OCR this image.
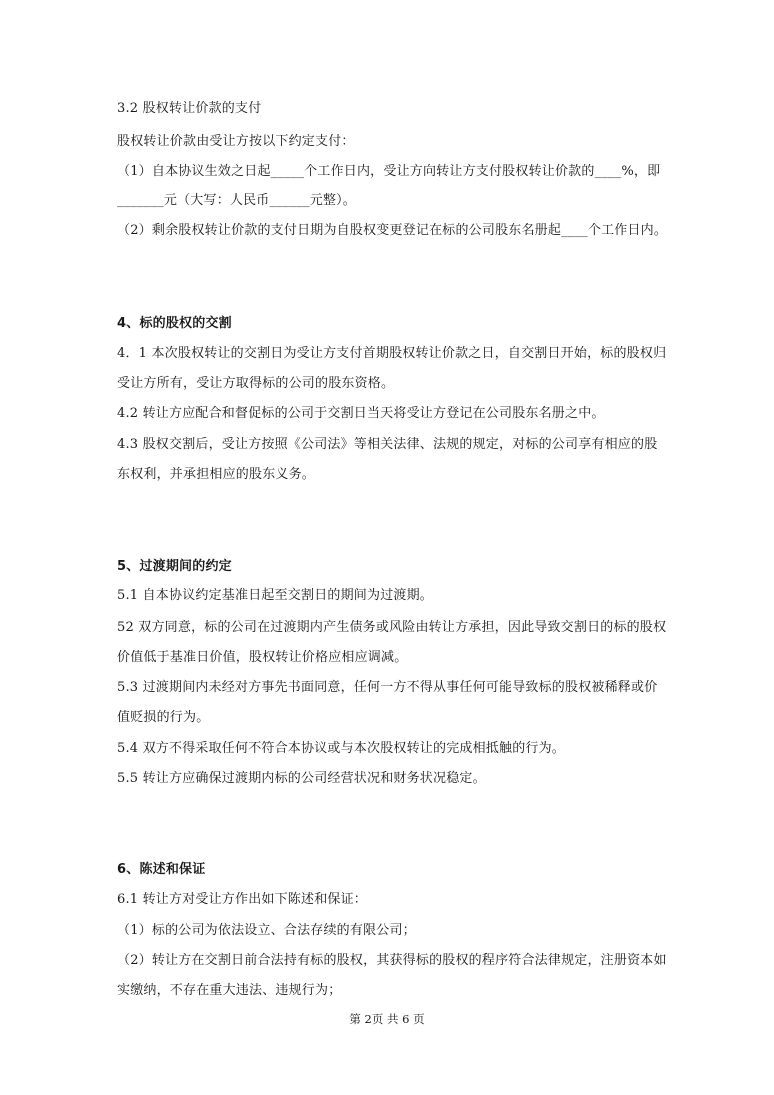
3.2 股权转让价款的支付
股权转让价款由受让方按以下约定支付：
（1）自本协议生效之日起_____个工作日内，受让方向转让方支付股权转让价款的____%，即
_______元（大写：人民币______元整）。
（2）剩余股权转让价款的支付日期为自股权变更登记在标的公司股东名册起____个工作日内。
4、标的股权的交割
4．1 本次股权转让的交割日为受让方支付首期股权转让价款之日，自交割日开始，标的股权归
受让方所有，受让方取得标的公司的股东资格。
4.2 转让方应配合和督促标的公司于交割日当天将受让方登记在公司股东名册之中。
4.3 股权交割后，受让方按照《公司法》等相关法律、法规的规定，对标的公司享有相应的股
东权利，并承担相应的股东义务。
5、过渡期间的约定
5.1 自本协议约定基准日起至交割日的期间为过渡期。
52 双方同意，标的公司在过渡期内产生债务或风险由转让方承担，因此导致交割日的标的股权
价值低于基准日价值，股权转让价格应相应调减。
5.3 过渡期间内未经对方事先书面同意，任何一方不得从事任何可能导致标的股权被稀释或价
值贬损的行为。
5.4 双方不得采取任何不符合本协议或与本次股权转让的完成相抵触的行为。
5.5 转让方应确保过渡期内标的公司经营状况和财务状况稳定。
6、陈述和保证
6.1 转让方对受让方作出如下陈述和保证：
（1）标的公司为依法设立、合法存续的有限公司；
（2）转让方在交割日前合法持有标的股权，其获得标的股权的程序符合法律规定，注册资本如
实缴纳，不存在重大违法、违规行为；
第 2页 共 6 页
